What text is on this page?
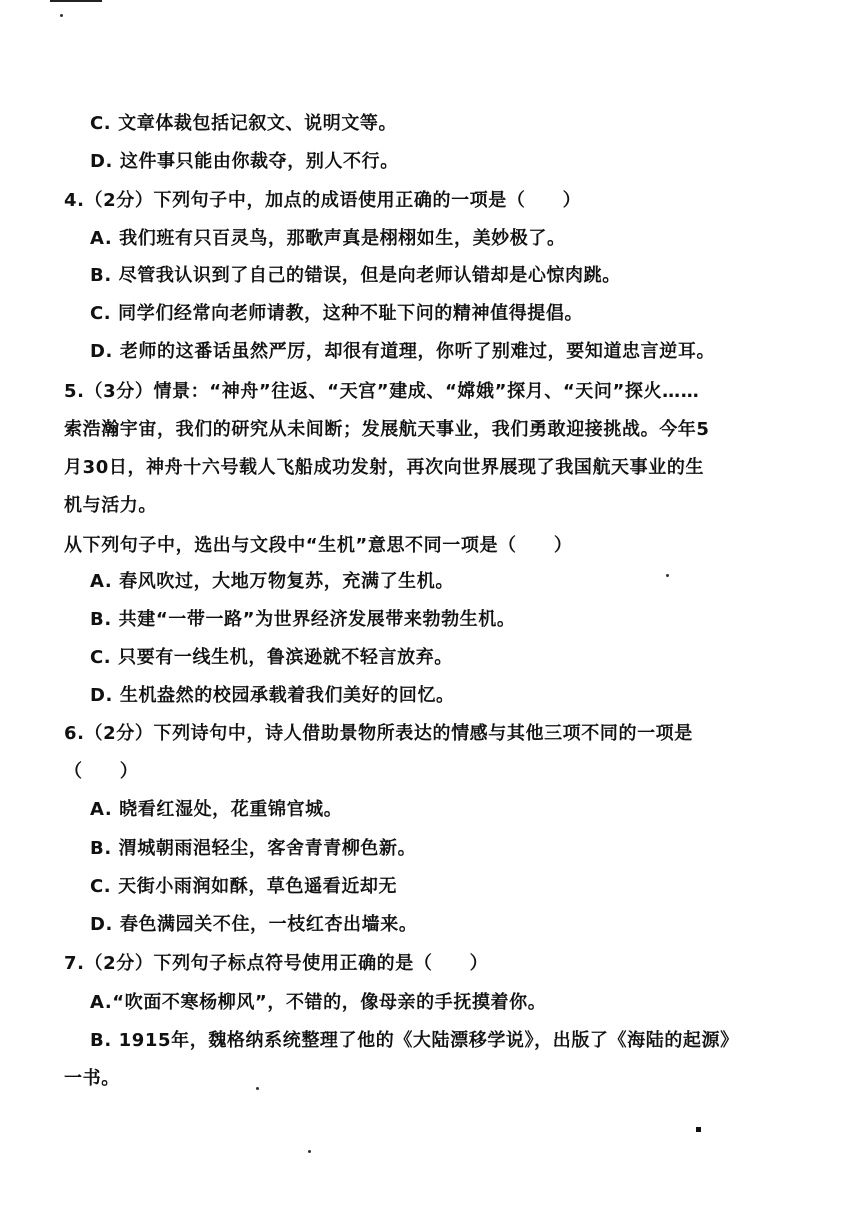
C. 文章体裁包括记叙文、说明文等。
D. 这件事只能由你裁夺，别人不行。
4.（2分）下列句子中，加点的成语使用正确的一项是（　　）
A. 我们班有只百灵鸟，那歌声真是栩栩如生，美妙极了。
B. 尽管我认识到了自己的错误，但是向老师认错却是心惊肉跳。
C. 同学们经常向老师请教，这种不耻下问的精神值得提倡。
D. 老师的这番话虽然严厉，却很有道理，你听了别难过，要知道忠言逆耳。
5.（3分）情景：“神舟”往返、“天宫”建成、“嫦娥”探月、“天问”探火……
索浩瀚宇宙，我们的研究从未间断；发展航天事业，我们勇敢迎接挑战。今年5
月30日，神舟十六号载人飞船成功发射，再次向世界展现了我国航天事业的生
机与活力。
从下列句子中，选出与文段中“生机”意思不同一项是（　　）
A. 春风吹过，大地万物复苏，充满了生机。
B. 共建“一带一路”为世界经济发展带来勃勃生机。
C. 只要有一线生机，鲁滨逊就不轻言放弃。
D. 生机盎然的校园承载着我们美好的回忆。
6.（2分）下列诗句中，诗人借助景物所表达的情感与其他三项不同的一项是
（　　）
A. 晓看红湿处，花重锦官城。
B. 渭城朝雨浥轻尘，客舍青青柳色新。
C. 天街小雨润如酥，草色遥看近却无
D. 春色满园关不住，一枝红杏出墙来。
7.（2分）下列句子标点符号使用正确的是（　　）
A.“吹面不寒杨柳风”，不错的，像母亲的手抚摸着你。
B. 1915年，魏格纳系统整理了他的《大陆漂移学说》，出版了《海陆的起源》
一书。
